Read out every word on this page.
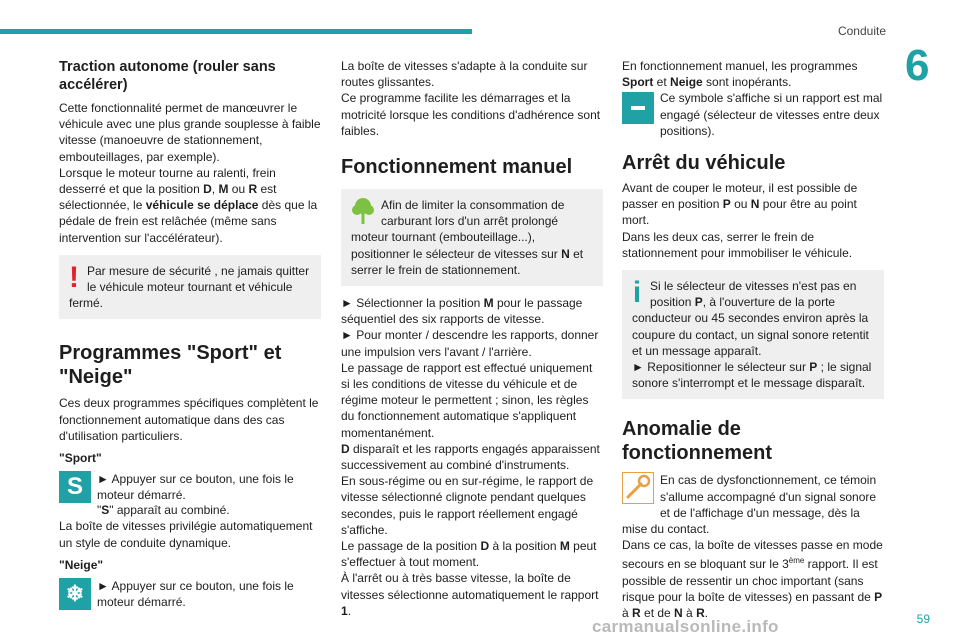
Conduite
6
Traction autonome (rouler sans accélérer)

Cette fonctionnalité permet de manœuvrer le véhicule avec une plus grande souplesse à faible vitesse (manoeuvre de stationnement, embouteillages, par exemple).

Lorsque le moteur tourne au ralenti, frein desserré et que la position D, M ou R est sélectionnée, le véhicule se déplace dès que la pédale de frein est relâchée (même sans intervention sur l'accélérateur).

! Par mesure de sécurité , ne jamais quitter le véhicule moteur tournant et véhicule fermé.
Programmes "Sport" et "Neige"

Ces deux programmes spécifiques complètent le fonctionnement automatique dans des cas d'utilisation particuliers.

"Sport"

S	► Appuyer sur ce bouton, une fois le moteur démarré.

"S" apparaît au combiné.

La boîte de vitesses privilégie automatiquement un style de conduite dynamique.

"Neige"

❄	► Appuyer sur ce bouton, une fois le moteur démarré.

La boîte de vitesses s'adapte à la conduite sur routes glissantes.

Ce programme facilite les démarrages et la motricité lorsque les conditions d'adhérence sont faibles.

Fonctionnement manuel
Afin de limiter la consommation de carburant lors d'un arrêt prolongé moteur tournant (embouteillage...), positionner le sélecteur de vitesses sur N et serrer le frein de stationnement.

► Sélectionner la position M pour le passage séquentiel des six rapports de vitesse.

► Pour monter / descendre les rapports, donner une impulsion vers l'avant / l'arrière.

Le passage de rapport est effectué uniquement si les conditions de vitesse du véhicule et de régime moteur le permettent ; sinon, les règles du fonctionnement automatique s'appliquent momentanément.

D disparaît et les rapports engagés apparaissent successivement au combiné d'instruments.

En sous-régime ou en sur-régime, le rapport de vitesse sélectionné clignote pendant quelques secondes, puis le rapport réellement engagé s'affiche.

Le passage de la position D à la position M peut s'effectuer à tout moment.

À l'arrêt ou à très basse vitesse, la boîte de vitesses sélectionne automatiquement le rapport 1.

En fonctionnement manuel, les programmes Sport et Neige sont inopérants.

Ce symbole s'affiche si un rapport est mal engagé (sélecteur de vitesses entre deux positions).
Arrêt du véhicule

Avant de couper le moteur, il est possible de passer en position P ou N pour être au point mort.

Dans les deux cas, serrer le frein de stationnement pour immobiliser le véhicule.

i Si le sélecteur de vitesses n'est pas en position P, à l'ouverture de la porte conducteur ou 45 secondes environ après la coupure du contact, un signal sonore retentit et un message apparaît.

► Repositionner le sélecteur sur P ; le signal sonore s'interrompt et le message disparaît.

Anomalie de fonctionnement
En cas de dysfonctionnement, ce témoin s'allume accompagné d'un signal sonore et de l'affichage d'un message, dès la mise du contact.

Dans ce cas, la boîte de vitesses passe en mode secours en se bloquant sur le 3ème rapport. Il est possible de ressentir un choc important (sans risque pour la boîte de vitesses) en passant de P à R et de N à R.

carmanualsonline.info	59
